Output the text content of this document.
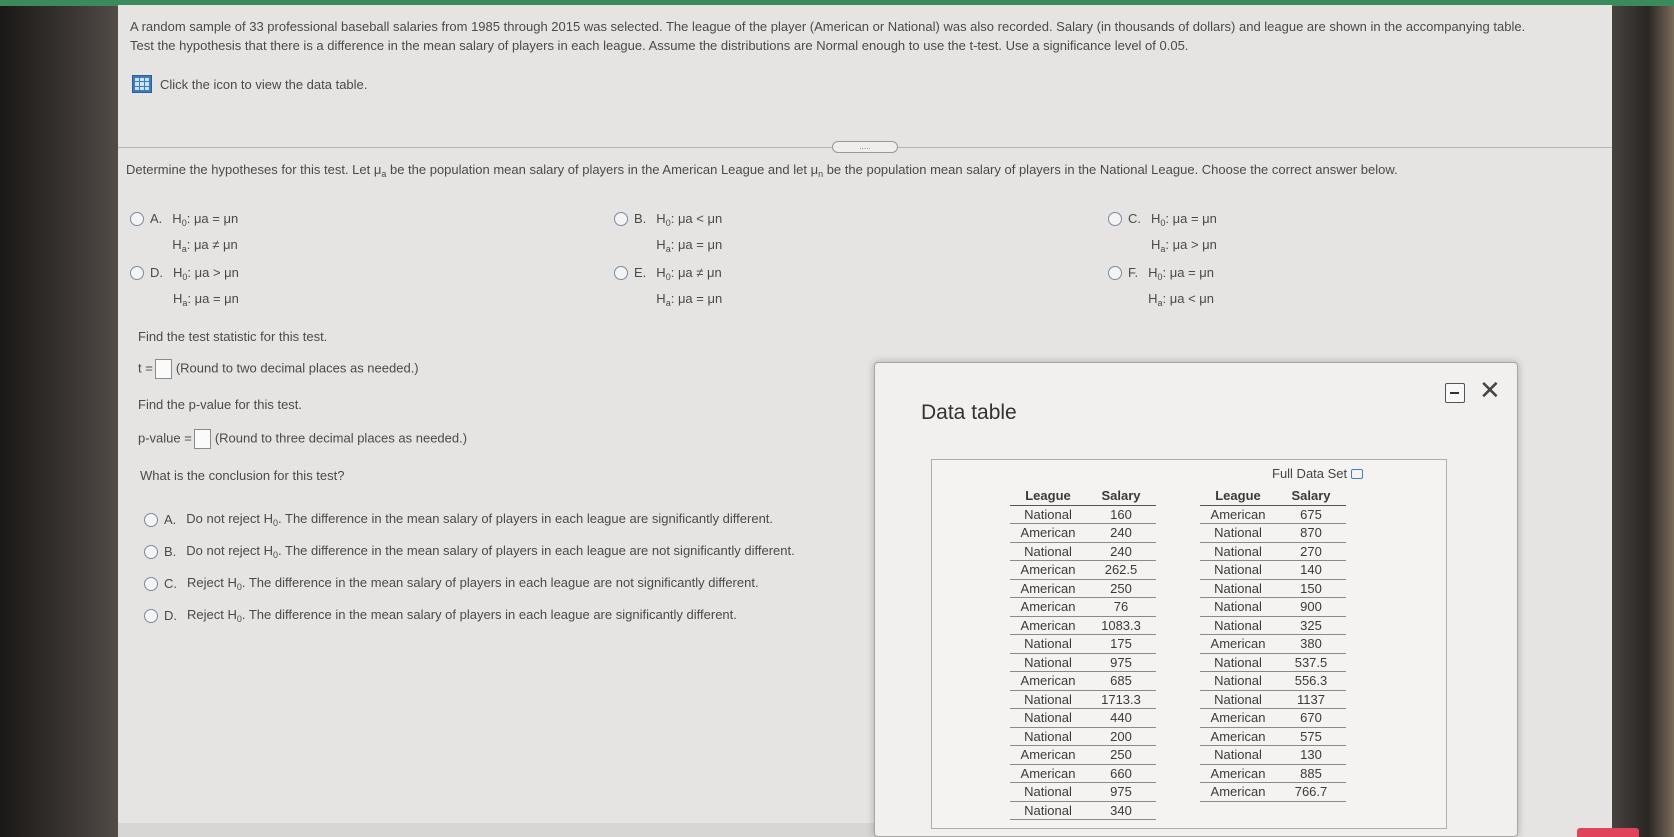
A random sample of 33 professional baseball salaries from 1985 through 2015 was selected. The league of the player (American or National) was also recorded. Salary (in thousands of dollars) and league are shown in the accompanying table. Test the hypothesis that there is a difference in the mean salary of players in each league. Assume the distributions are Normal enough to use the t-test. Use a significance level of 0.05.
Click the icon to view the data table.
.....
Determine the hypotheses for this test. Let $\mu_a$ be the population mean salary of players in the American League and let $\mu_n$ be the population mean salary of players in the National League. Choose the correct answer below.
A. $H_0$: μa = μn
$H_a$: μa ≠ μn
B. $H_0$: μa < μn
$H_a$: μa = μn
C. $H_0$: μa = μn
$H_a$: μa > μn
D. $H_0$: μa > μn
$H_a$: μa = μn
E. $H_0$: μa ≠ μn
$H_a$: μa = μn
F. $H_0$: μa = μn
$H_a$: μa < μn
Find the test statistic for this test.
t = (Round to two decimal places as needed.)
Find the p-value for this test.
p-value = (Round to three decimal places as needed.)
What is the conclusion for this test?
A. Do not reject $H_0$. The difference in the mean salary of players in each league are significantly different.
B. Do not reject $H_0$. The difference in the mean salary of players in each league are not significantly different.
C. Reject $H_0$. The difference in the mean salary of players in each league are not significantly different.
D. Reject $H_0$. The difference in the mean salary of players in each league are significantly different.
Data table
✕
Full Data Set
League	Salary
National	160
American	240
National	240
American	262.5
American	250
American	76
American	1083.3
National	175
National	975
American	685
National	1713.3
National	440
National	200
American	250
American	660
National	975
National	340
League	Salary
American	675
National	870
National	270
National	140
National	150
National	900
National	325
American	380
National	537.5
National	556.3
National	1137
American	670
American	575
National	130
American	885
American	766.7
